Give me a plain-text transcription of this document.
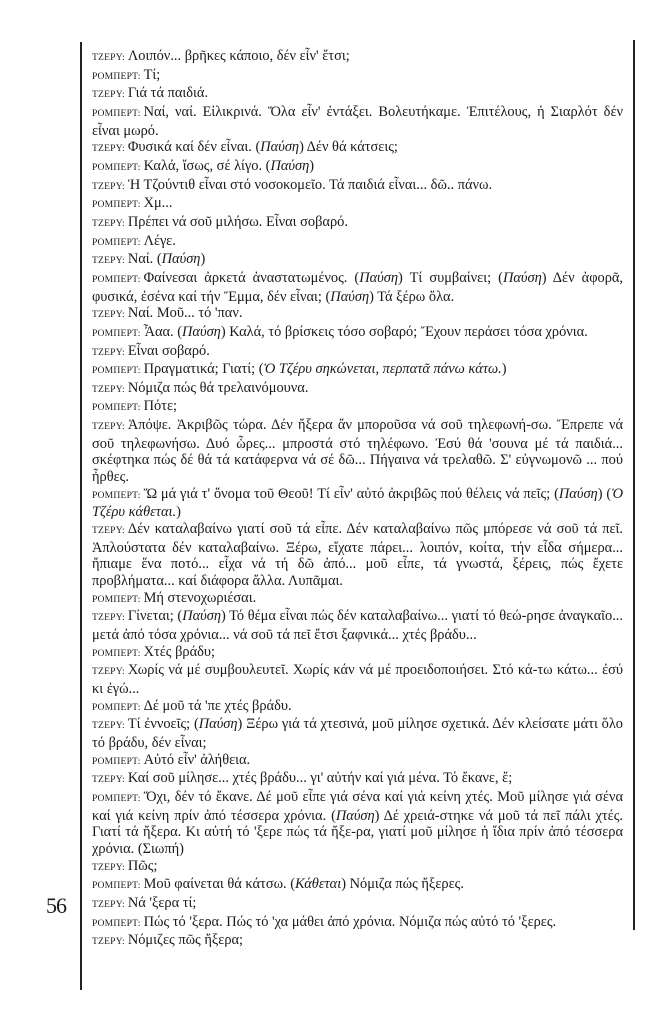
56

ΤΖΕΡΥ: Λοιπόν... βρῆκες κάποιο, δέν εἶν' ἔτσι;

ΡΟΜΠΕΡΤ: Τί;

ΤΖΕΡΥ: Γιά τά παιδιά.

ΡΟΜΠΕΡΤ: Ναί, ναί. Εἰλικρινά. Ὅλα εἶν' ἐντάξει. Βολευτήκαμε. Ἐπιτέλους, ἡ Σιαρλότ δέν εἶναι μωρό.

ΤΖΕΡΥ: Φυσικά καί δέν εἶναι. (Παύση) Δέν θά κάτσεις;

ΡΟΜΠΕΡΤ: Καλά, ἴσως, σέ λίγο. (Παύση)

ΤΖΕΡΥ: Ἡ Τζούντιθ εἶναι στό νοσοκομεῖο. Τά παιδιά εἶναι... δῶ.. πάνω.

ΡΟΜΠΕΡΤ: Χμ...

ΤΖΕΡΥ: Πρέπει νά σοῦ μιλήσω. Εἶναι σοβαρό.

ΡΟΜΠΕΡΤ: Λέγε.

ΤΖΕΡΥ: Ναί. (Παύση)

ΡΟΜΠΕΡΤ: Φαίνεσαι ἀρκετά ἀναστατωμένος. (Παύση) Τί συμβαίνει; (Παύση) Δέν ἀφορᾶ, φυσικά, ἐσένα καί τήν Ἔμμα, δέν εἶναι; (Παύση) Τά ξέρω ὅλα.

ΤΖΕΡΥ: Ναί. Μοῦ... τό 'παν.

ΡΟΜΠΕΡΤ: Ἆαα. (Παύση) Καλά, τό βρίσκεις τόσο σοβαρό; Ἔχουν περάσει τόσα χρόνια.

ΤΖΕΡΥ: Εἶναι σοβαρό.

ΡΟΜΠΕΡΤ: Πραγματικά; Γιατί; (Ὁ Τζέρυ σηκώνεται, περπατᾶ πάνω κάτω.)

ΤΖΕΡΥ: Νόμιζα πώς θά τρελαινόμουνα.

ΡΟΜΠΕΡΤ: Πότε;

ΤΖΕΡΥ: Ἀπόψε. Ἀκριβῶς τώρα. Δέν ἤξερα ἄν μποροῦσα νά σοῦ τηλεφωνή-σω. Ἔπρεπε νά σοῦ τηλεφωνήσω. Δυό ὧρες... μπροστά στό τηλέφωνο. Ἐσύ θά 'σουνα μέ τά παιδιά... σκέφτηκα πώς δέ θά τά κατάφερνα νά σέ δῶ... Πήγαινα νά τρελαθῶ. Σ' εὐγνωμονῶ ... πού ἦρθες.

ΡΟΜΠΕΡΤ: Ὤ μά γιά τ' ὄνομα τοῦ Θεοῦ! Τί εἶν' αὐτό ἀκριβῶς πού θέλεις νά πεῖς; (Παύση) (Ὁ Τζέρυ κάθεται.)

ΤΖΕΡΥ: Δέν καταλαβαίνω γιατί σοῦ τά εἶπε. Δέν καταλαβαίνω πῶς μπόρεσε νά σοῦ τά πεῖ. Ἁπλούστατα δέν καταλαβαίνω. Ξέρω, εἴχατε πάρει... λοιπόν, κοίτα, τήν εἶδα σήμερα... ἤπιαμε ἕνα ποτό... εἶχα νά τή δῶ ἀπό... μοῦ εἶπε, τά γνωστά, ξέρεις, πώς ἔχετε προβλήματα... καί διάφορα ἄλλα. Λυπᾶμαι.

ΡΟΜΠΕΡΤ: Μή στενοχωριέσαι.

ΤΖΕΡΥ: Γίνεται; (Παύση) Τό θέμα εἶναι πώς δέν καταλαβαίνω... γιατί τό θεώ-ρησε ἀναγκαῖο... μετά ἀπό τόσα χρόνια... νά σοῦ τά πεῖ ἔτσι ξαφνικά... χτές βράδυ...

ΡΟΜΠΕΡΤ: Χτές βράδυ;

ΤΖΕΡΥ: Χωρίς νά μέ συμβουλευτεῖ. Χωρίς κάν νά μέ προειδοποιήσει. Στό κά-τω κάτω... ἐσύ κι ἐγώ...

ΡΟΜΠΕΡΤ: Δέ μοῦ τά 'πε χτές βράδυ.

ΤΖΕΡΥ: Τί ἐννοεῖς; (Παύση) Ξέρω γιά τά χτεσινά, μοῦ μίλησε σχετικά. Δέν κλείσατε μάτι ὅλο τό βράδυ, δέν εἶναι;

ΡΟΜΠΕΡΤ: Αὐτό εἶν' ἀλήθεια.

ΤΖΕΡΥ: Καί σοῦ μίλησε... χτές βράδυ... γι' αὐτήν καί γιά μένα. Τό ἔκανε, ἔ;

ΡΟΜΠΕΡΤ: Ὄχι, δέν τό ἔκανε. Δέ μοῦ εἶπε γιά σένα καί γιά κείνη χτές. Μοῦ μίλησε γιά σένα καί γιά κείνη πρίν ἀπό τέσσερα χρόνια. (Παύση) Δέ χρειά-στηκε νά μοῦ τά πεῖ πάλι χτές. Γιατί τά ἤξερα. Κι αὐτή τό 'ξερε πώς τά ἤξε-ρα, γιατί μοῦ μίλησε ἡ ἴδια πρίν ἀπό τέσσερα χρόνια. (Σιωπή)

ΤΖΕΡΥ: Πῶς;

ΡΟΜΠΕΡΤ: Μοῦ φαίνεται θά κάτσω. (Κάθεται) Νόμιζα πώς ἤξερες.

ΤΖΕΡΥ: Νά 'ξερα τί;

ΡΟΜΠΕΡΤ: Πώς τό 'ξερα. Πώς τό 'χα μάθει ἀπό χρόνια. Νόμιζα πώς αὐτό τό 'ξερες.

ΤΖΕΡΥ: Νόμιζες πῶς ἤξερα;
